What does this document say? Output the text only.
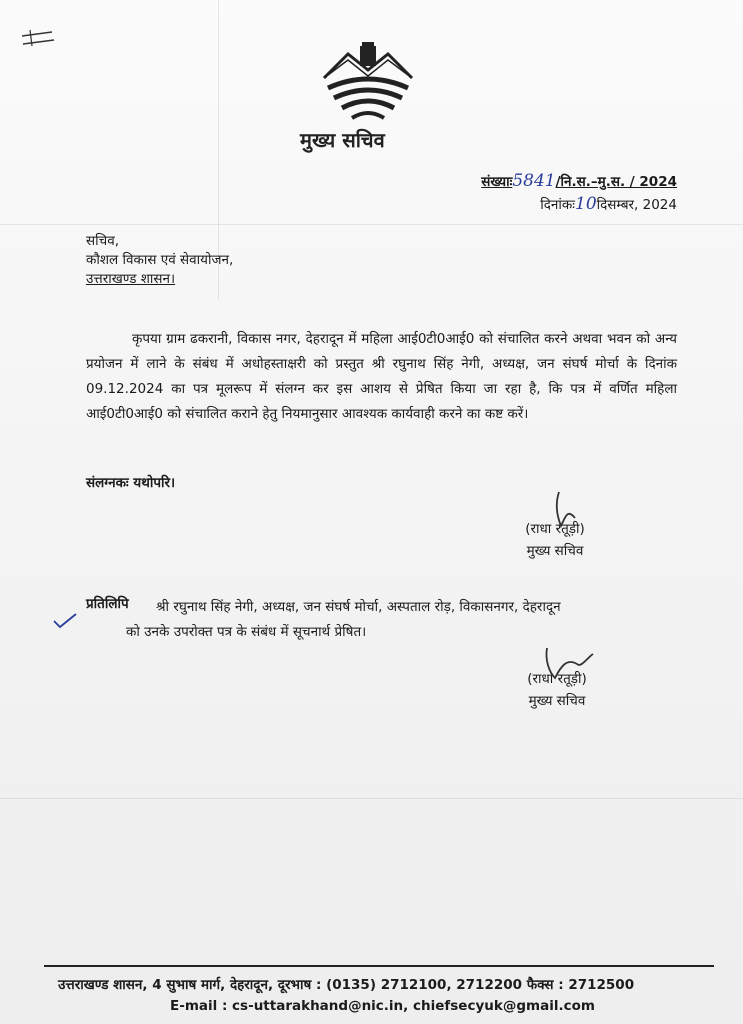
मुख्य सचिव
संख्याः5841/नि.स.–मु.स. / 2024
दिनांकः10दिसम्बर, 2024
सचिव,
कौशल विकास एवं सेवायोजन,
उत्तराखण्ड शासन।
कृपया ग्राम ढकरानी, विकास नगर, देहरादून में महिला आई0टी0आई0 को संचालित करने अथवा भवन को अन्य प्रयोजन में लाने के संबंध में अधोहस्ताक्षरी को प्रस्तुत श्री रघुनाथ सिंह नेगी, अध्यक्ष, जन संघर्ष मोर्चा के दिनांक 09.12.2024 का पत्र मूलरूप में संलग्न कर इस आशय से प्रेषित किया जा रहा है, कि पत्र में वर्णित महिला आई0टी0आई0 को संचालित कराने हेतु नियमानुसार आवश्यक कार्यवाही करने का कष्ट करें।
संलग्नकः यथोपरि।
(राधा रतूड़ी)
मुख्य सचिव
प्रतिलिपि श्री रघुनाथ सिंह नेगी, अध्यक्ष, जन संघर्ष मोर्चा, अस्पताल रोड़, विकासनगर, देहरादून
को उनके उपरोक्त पत्र के संबंध में सूचनार्थ प्रेषित।
(राधा रतूड़ी)
मुख्य सचिव
उत्तराखण्ड शासन, 4 सुभाष मार्ग, देहरादून, दूरभाष : (0135) 2712100, 2712200 फैक्स : 2712500
E-mail : cs-uttarakhand@nic.in, chiefsecyuk@gmail.com
